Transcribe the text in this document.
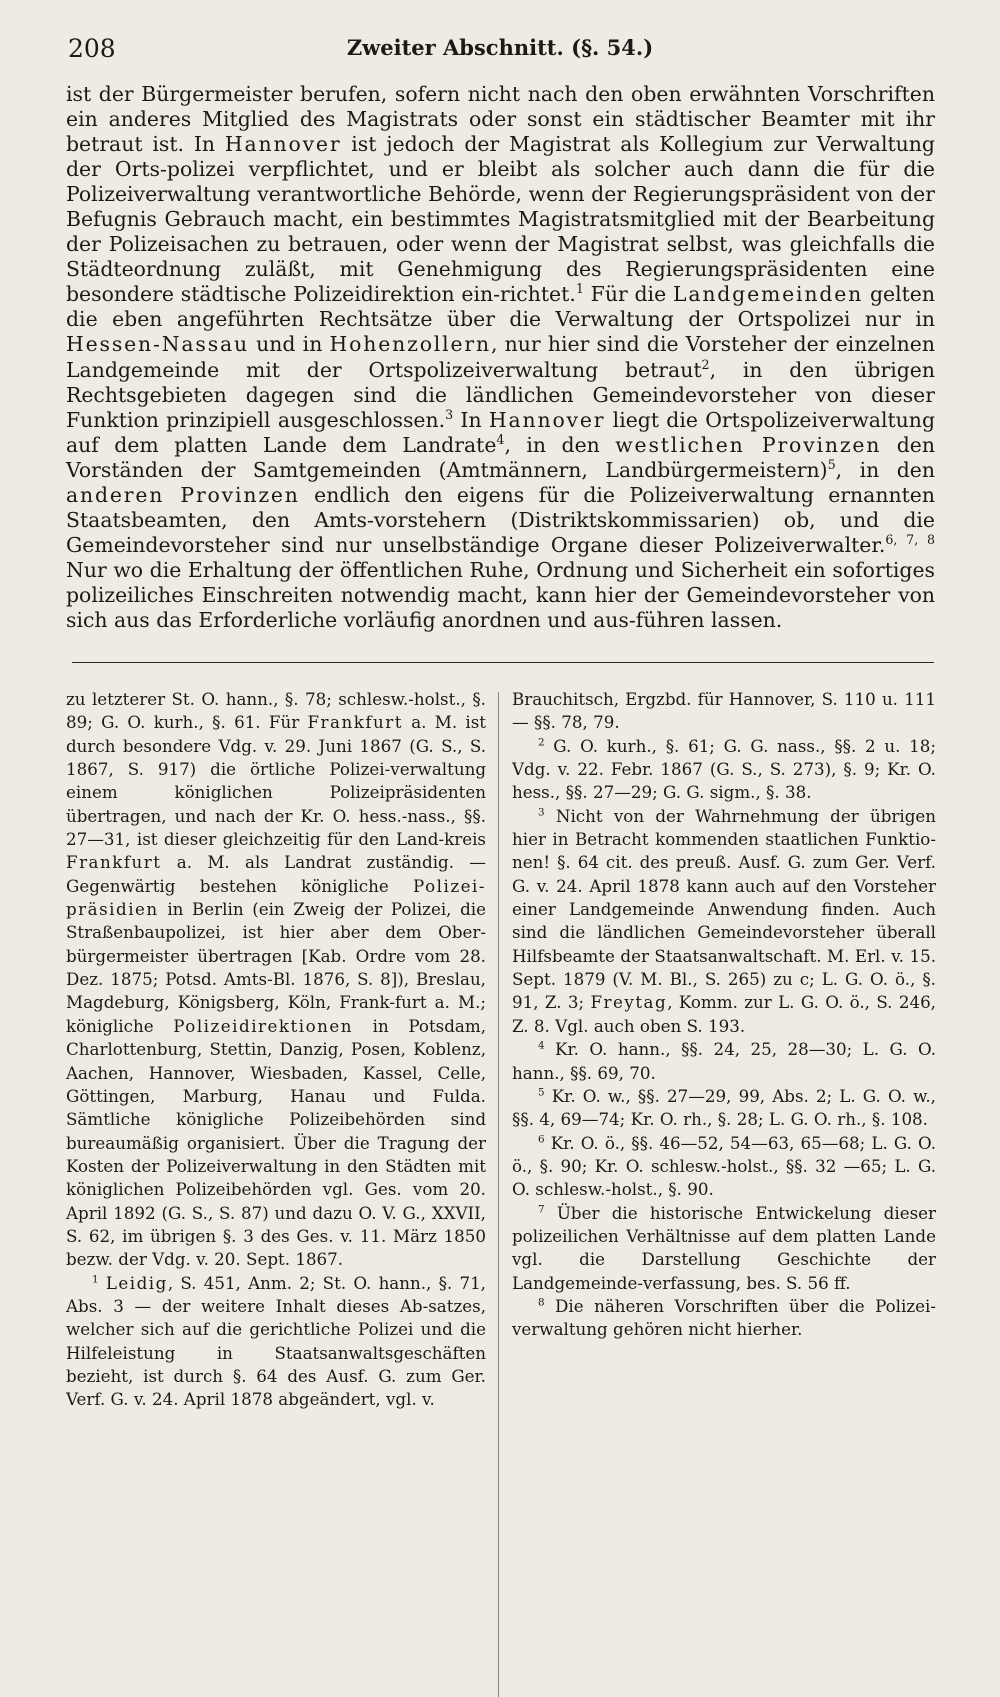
208	Zweiter Abschnitt. (§. 54.)

ist der Bürgermeister berufen, sofern nicht nach den oben erwähnten Vorschriften ein anderes Mitglied des Magistrats oder sonst ein städtischer Beamter mit ihr betraut ist. In Hannover ist jedoch der Magistrat als Kollegium zur Verwaltung der Orts-polizei verpflichtet, und er bleibt als solcher auch dann die für die Polizeiverwaltung verantwortliche Behörde, wenn der Regierungspräsident von der Befugnis Gebrauch macht, ein bestimmtes Magistratsmitglied mit der Bearbeitung der Polizeisachen zu betrauen, oder wenn der Magistrat selbst, was gleichfalls die Städteordnung zuläßt, mit Genehmigung des Regierungspräsidenten eine besondere städtische Polizeidirektion ein-richtet.$^1$ Für die Landgemeinden gelten die eben angeführten Rechtsätze über die Verwaltung der Ortspolizei nur in Hessen-Nassau und in Hohenzollern, nur hier sind die Vorsteher der einzelnen Landgemeinde mit der Ortspolizeiverwaltung betraut$^2$, in den übrigen Rechtsgebieten dagegen sind die ländlichen Gemeindevorsteher von dieser Funktion prinzipiell ausgeschlossen.$^3$ In Hannover liegt die Ortspolizeiverwaltung auf dem platten Lande dem Landrate$^4$, in den westlichen Provinzen den Vorständen der Samtgemeinden (Amtmännern, Landbürgermeistern)$^5$, in den anderen Provinzen endlich den eigens für die Polizeiverwaltung ernannten Staatsbeamten, den Amts-vorstehern (Distriktskommissarien) ob, und die Gemeindevorsteher sind nur unselbständige Organe dieser Polizeiverwalter.$^{6, 7, 8}$ Nur wo die Erhaltung der öffentlichen Ruhe, Ordnung und Sicherheit ein sofortiges polizeiliches Einschreiten notwendig macht, kann hier der Gemeindevorsteher von sich aus das Erforderliche vorläufig anordnen und aus-führen lassen.

zu letzterer St. O. hann., §. 78; schlesw.-holst., §. 89; G. O. kurh., §. 61. Für Frankfurt a. M. ist durch besondere Vdg. v. 29. Juni 1867 (G. S., S. 1867, S. 917) die örtliche Polizei-verwaltung einem königlichen Polizeipräsidenten übertragen, und nach der Kr. O. hess.-nass., §§. 27—31, ist dieser gleichzeitig für den Land-kreis Frankfurt a. M. als Landrat zuständig. — Gegenwärtig bestehen königliche Polizei-präsidien in Berlin (ein Zweig der Polizei, die Straßenbaupolizei, ist hier aber dem Ober-bürgermeister übertragen [Kab. Ordre vom 28. Dez. 1875; Potsd. Amts-Bl. 1876, S. 8]), Breslau, Magdeburg, Königsberg, Köln, Frank-furt a. M.; königliche Polizeidirektionen in Potsdam, Charlottenburg, Stettin, Danzig, Posen, Koblenz, Aachen, Hannover, Wiesbaden, Kassel, Celle, Göttingen, Marburg, Hanau und Fulda. Sämtliche königliche Polizeibehörden sind bureaumäßig organisiert. Über die Tragung der Kosten der Polizeiverwaltung in den Städten mit königlichen Polizeibehörden vgl. Ges. vom 20. April 1892 (G. S., S. 87) und dazu O. V. G., XXVII, S. 62, im übrigen §. 3 des Ges. v. 11. März 1850 bezw. der Vdg. v. 20. Sept. 1867.

$^1$ Leidig, S. 451, Anm. 2; St. O. hann., §. 71, Abs. 3 — der weitere Inhalt dieses Ab-satzes, welcher sich auf die gerichtliche Polizei und die Hilfeleistung in Staatsanwaltsgeschäften bezieht, ist durch §. 64 des Ausf. G. zum Ger. Verf. G. v. 24. April 1878 abgeändert, vgl. v.

Brauchitsch, Ergzbd. für Hannover, S. 110 u. 111 — §§. 78, 79.

$^2$ G. O. kurh., §. 61; G. G. nass., §§. 2 u. 18; Vdg. v. 22. Febr. 1867 (G. S., S. 273), §. 9; Kr. O. hess., §§. 27—29; G. G. sigm., §. 38.

$^3$ Nicht von der Wahrnehmung der übrigen hier in Betracht kommenden staatlichen Funktio-nen! §. 64 cit. des preuß. Ausf. G. zum Ger. Verf. G. v. 24. April 1878 kann auch auf den Vorsteher einer Landgemeinde Anwendung finden. Auch sind die ländlichen Gemeindevorsteher überall Hilfsbeamte der Staatsanwaltschaft. M. Erl. v. 15. Sept. 1879 (V. M. Bl., S. 265) zu c; L. G. O. ö., §. 91, Z. 3; Freytag, Komm. zur L. G. O. ö., S. 246, Z. 8. Vgl. auch oben S. 193.

$^4$ Kr. O. hann., §§. 24, 25, 28—30; L. G. O. hann., §§. 69, 70.

$^5$ Kr. O. w., §§. 27—29, 99, Abs. 2; L. G. O. w., §§. 4, 69—74; Kr. O. rh., §. 28; L. G. O. rh., §. 108.

$^6$ Kr. O. ö., §§. 46—52, 54—63, 65—68; L. G. O. ö., §. 90; Kr. O. schlesw.-holst., §§. 32 —65; L. G. O. schlesw.-holst., §. 90.

$^7$ Über die historische Entwickelung dieser polizeilichen Verhältnisse auf dem platten Lande vgl. die Darstellung Geschichte der Landgemeinde-verfassung, bes. S. 56 ff.

$^8$ Die näheren Vorschriften über die Polizei-verwaltung gehören nicht hierher.
